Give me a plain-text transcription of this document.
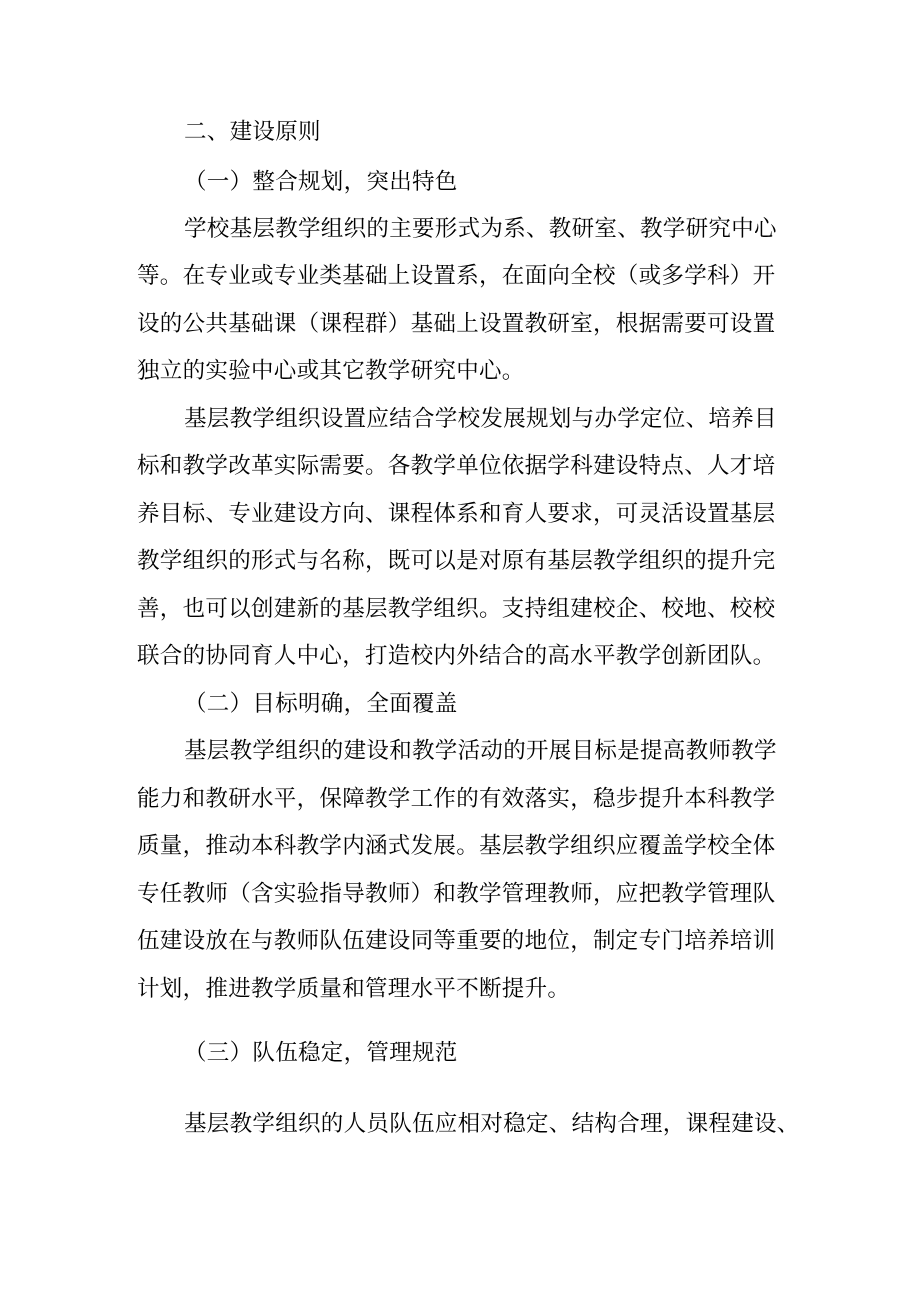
二、建设原则

（一）整合规划，突出特色

学校基层教学组织的主要形式为系、教研室、教学研究中心

等。在专业或专业类基础上设置系，在面向全校（或多学科）开

设的公共基础课（课程群）基础上设置教研室，根据需要可设置

独立的实验中心或其它教学研究中心。

基层教学组织设置应结合学校发展规划与办学定位、培养目

标和教学改革实际需要。各教学单位依据学科建设特点、人才培

养目标、专业建设方向、课程体系和育人要求，可灵活设置基层

教学组织的形式与名称，既可以是对原有基层教学组织的提升完

善，也可以创建新的基层教学组织。支持组建校企、校地、校校

联合的协同育人中心，打造校内外结合的高水平教学创新团队。

（二）目标明确，全面覆盖

基层教学组织的建设和教学活动的开展目标是提高教师教学

能力和教研水平，保障教学工作的有效落实，稳步提升本科教学

质量，推动本科教学内涵式发展。基层教学组织应覆盖学校全体

专任教师（含实验指导教师）和教学管理教师，应把教学管理队

伍建设放在与教师队伍建设同等重要的地位，制定专门培养培训

计划，推进教学质量和管理水平不断提升。

（三）队伍稳定，管理规范

基层教学组织的人员队伍应相对稳定、结构合理，课程建设、
